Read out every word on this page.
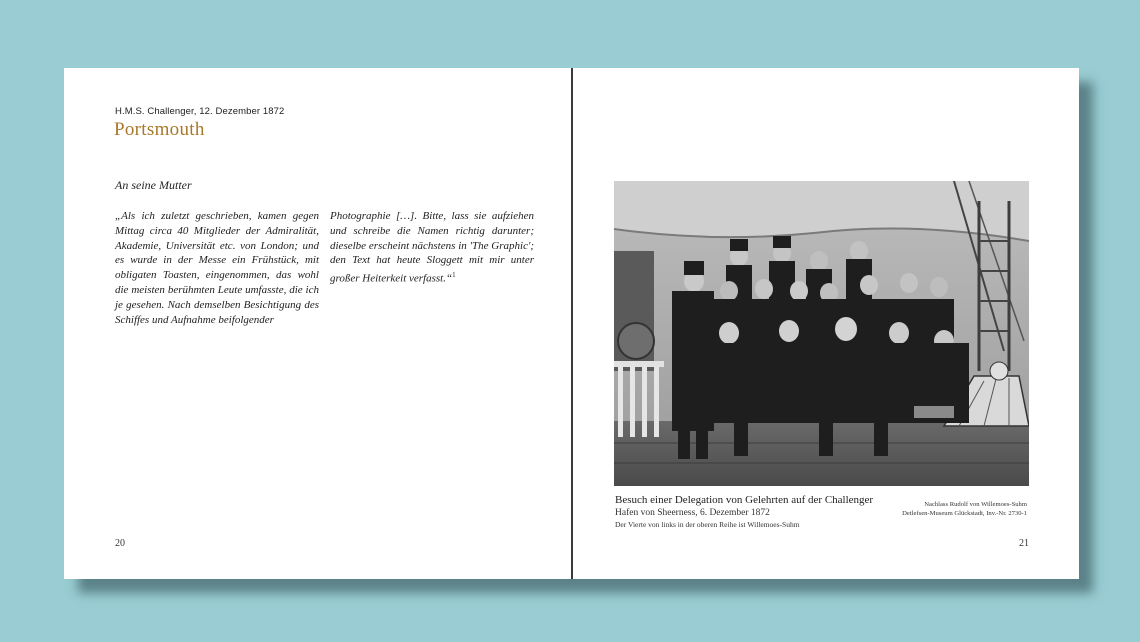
H.M.S. Challenger, 12. Dezember 1872
Portsmouth
An seine Mutter
„Als ich zuletzt geschrieben, kamen gegen Mittag circa 40 Mitglieder der Admiralität, Akademie, Universität etc. von London; und es wurde in der Messe ein Frühstück, mit obligaten Toasten, eingenommen, das wohl die meisten berühmten Leute umfasste, die ich je gesehen. Nach demselben Besichtigung des Schiffes und Aufnahme beifolgender
Photographie […]. Bitte, lass sie aufziehen und schreibe die Namen richtig darunter; dieselbe erscheint nächstens in 'The Graphic'; den Text hat heute Sloggett mit mir unter großer Heiterkeit verfasst.“$^1$
20
Besuch einer Delegation von Gelehrten auf der Challenger
Hafen von Sheerness, 6. Dezember 1872
Der Vierte von links in der oberen Reihe ist Willemoes-Suhm
Nachlass Rudolf von Willemoes-Suhm
Detlefsen-Museum Glückstadt, Inv.-Nr. 2730-1
21
